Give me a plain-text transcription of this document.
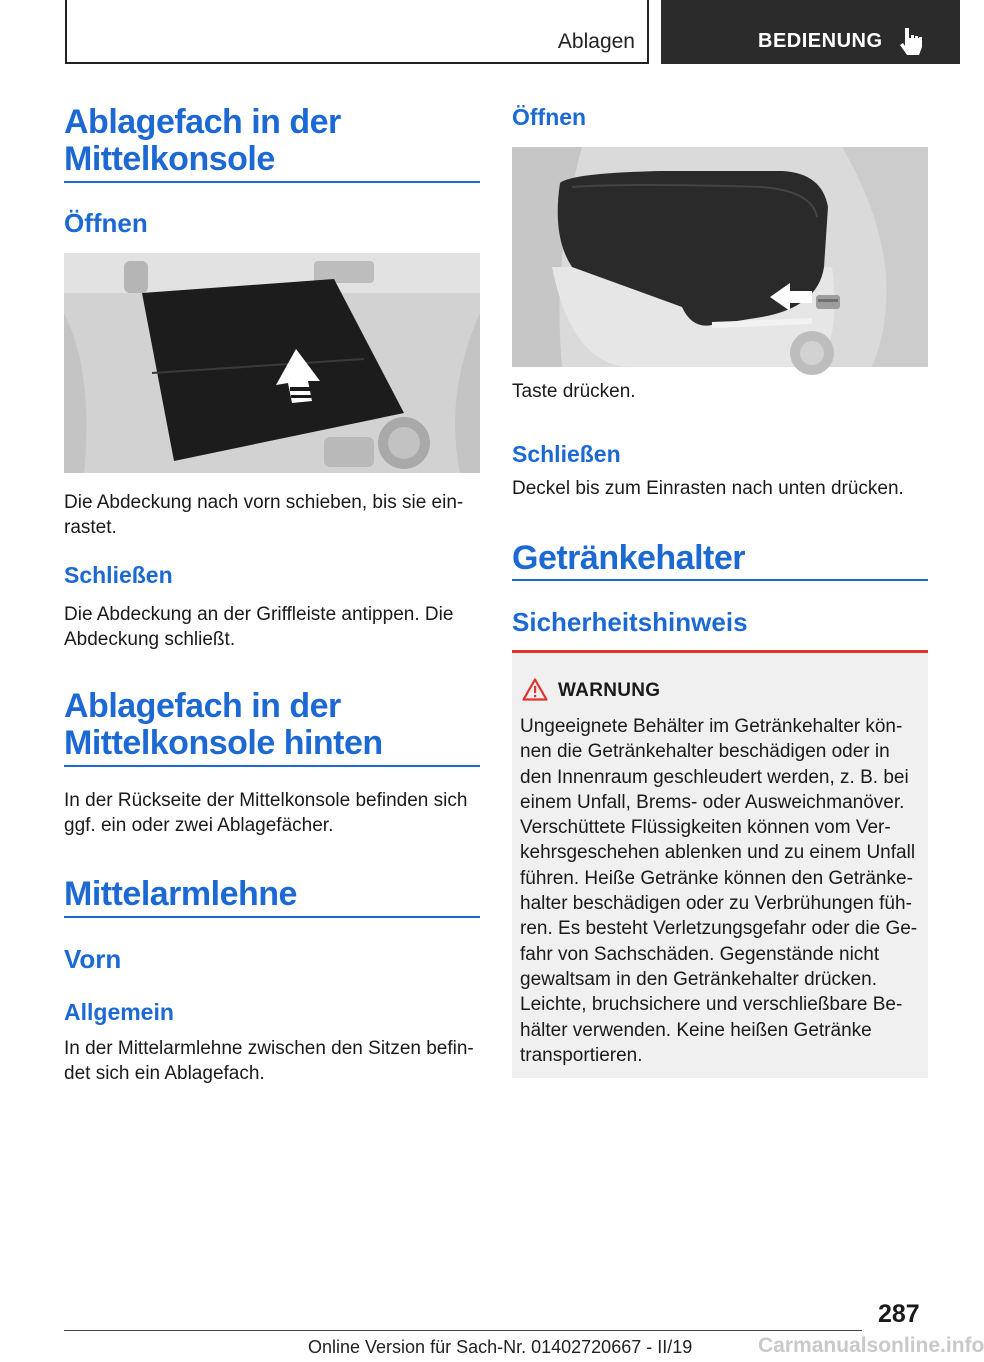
Ablagen	BEDIENUNG
Ablagefach in der Mittelkonsole
Öffnen
Die Abdeckung nach vorn schieben, bis sie ein‐rastet.
Schließen
Die Abdeckung an der Griffleiste antippen. Die Abdeckung schließt.
Ablagefach in der Mittelkonsole hinten
In der Rückseite der Mittelkonsole befinden sich ggf. ein oder zwei Ablagefächer.
Mittelarmlehne
Vorn
Allgemein
In der Mittelarmlehne zwischen den Sitzen befin‐det sich ein Ablagefach.
Öffnen
Taste drücken.
Schließen
Deckel bis zum Einrasten nach unten drücken.
Getränkehalter
Sicherheitshinweis
WARNUNG
Ungeeignete Behälter im Getränkehalter kön‐nen die Getränkehalter beschädigen oder in den Innenraum geschleudert werden, z. B. bei einem Unfall, Brems- oder Ausweichmanöver. Verschüttete Flüssigkeiten können vom Ver‐kehrsgeschehen ablenken und zu einem Unfall führen. Heiße Getränke können den Getränke‐halter beschädigen oder zu Verbrühungen füh‐ren. Es besteht Verletzungsgefahr oder die Ge‐fahr von Sachschäden. Gegenstände nicht gewaltsam in den Getränkehalter drücken. Leichte, bruchsichere und verschließbare Be‐hälter verwenden. Keine heißen Getränke transportieren.
287
Online Version für Sach-Nr. 01402720667 - II/19	Carmanualsonline.info
